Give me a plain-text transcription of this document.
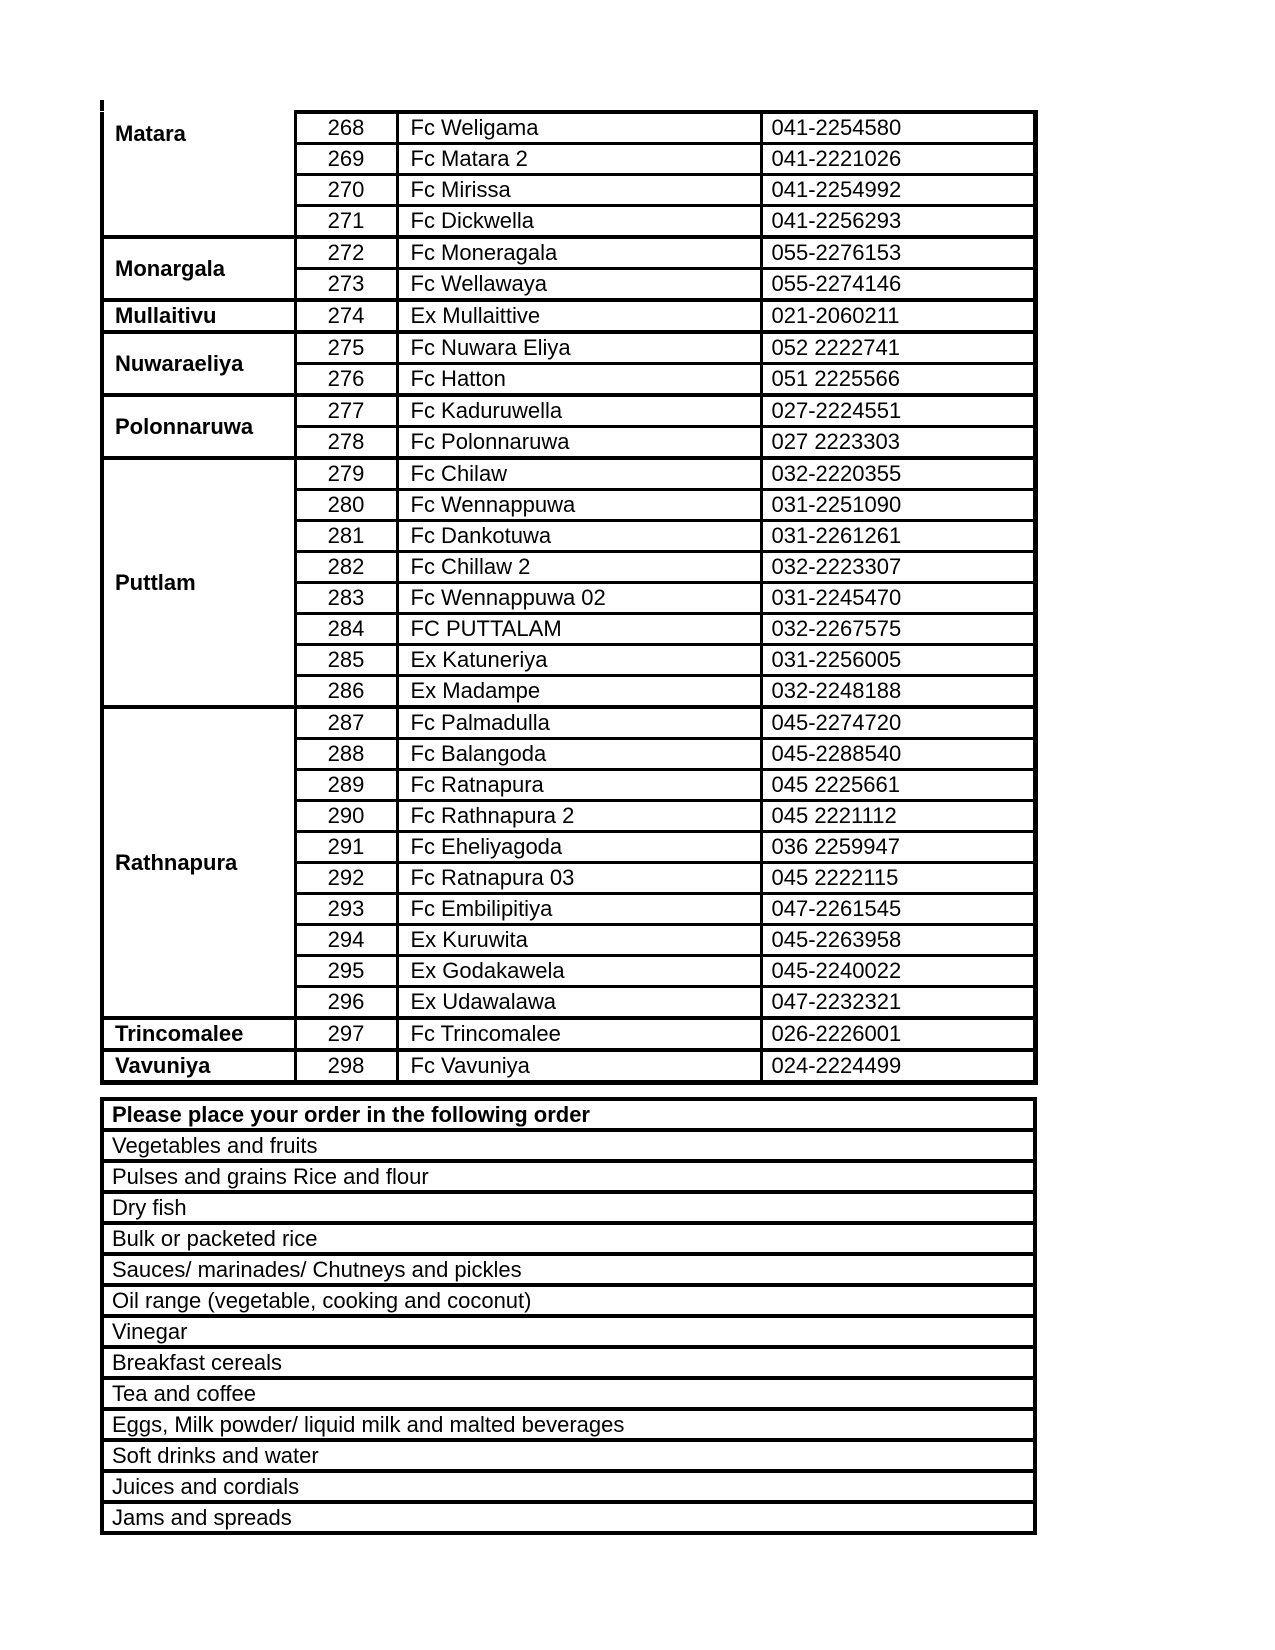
Matara	268	Fc Weligama	041-2254580
	269	Fc Matara 2	041-2221026
	270	Fc Mirissa	041-2254992
	271	Fc Dickwella	041-2256293
Monargala	272	Fc Moneragala	055-2276153
	273	Fc Wellawaya	055-2274146
Mullaitivu	274	Ex Mullaittive	021-2060211
Nuwaraeliya	275	Fc Nuwara Eliya	052 2222741
	276	Fc Hatton	051 2225566
Polonnaruwa	277	Fc Kaduruwella	027-2224551
	278	Fc Polonnaruwa	027 2223303
Puttlam	279	Fc Chilaw	032-2220355
	280	Fc Wennappuwa	031-2251090
	281	Fc Dankotuwa	031-2261261
	282	Fc Chillaw 2	032-2223307
	283	Fc Wennappuwa 02	031-2245470
	284	FC PUTTALAM	032-2267575
	285	Ex Katuneriya	031-2256005
	286	Ex Madampe	032-2248188
Rathnapura	287	Fc Palmadulla	045-2274720
	288	Fc Balangoda	045-2288540
	289	Fc Ratnapura	045 2225661
	290	Fc Rathnapura 2	045 2221112
	291	Fc Eheliyagoda	036 2259947
	292	Fc Ratnapura 03	045 2222115
	293	Fc Embilipitiya	047-2261545
	294	Ex Kuruwita	045-2263958
	295	Ex Godakawela	045-2240022
	296	Ex Udawalawa	047-2232321
Trincomalee	297	Fc Trincomalee	026-2226001
Vavuniya	298	Fc Vavuniya	024-2224499
Please place your order in the following order
Vegetables and fruits
Pulses and grains Rice and flour
Dry fish
Bulk or packeted rice
Sauces/ marinades/ Chutneys and pickles
Oil range (vegetable, cooking and coconut)
Vinegar
Breakfast cereals
Tea and coffee
Eggs, Milk powder/ liquid milk and malted beverages
Soft drinks and water
Juices and cordials
Jams and spreads
